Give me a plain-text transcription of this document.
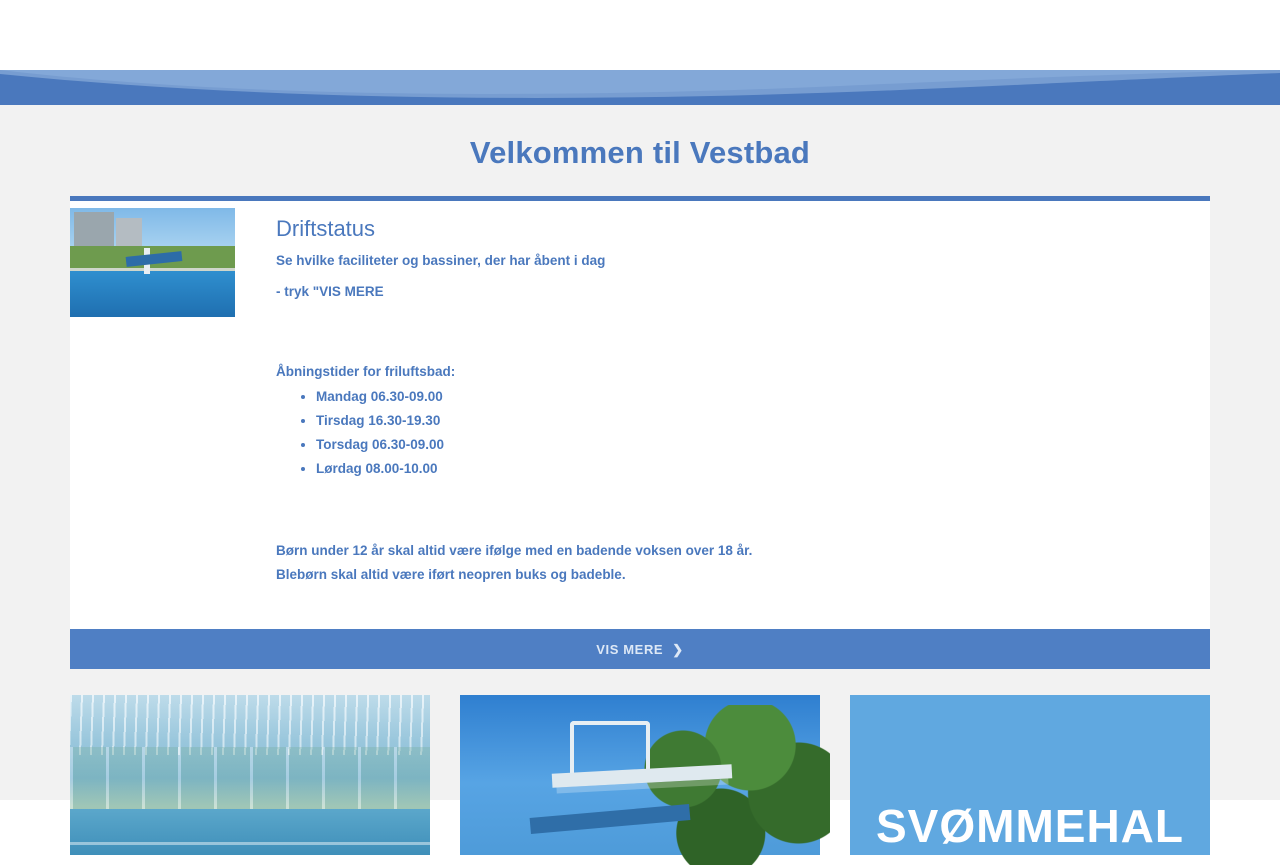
Velkommen til Vestbad
Driftstatus

Se hvilke faciliteter og bassiner, der har åbent i dag

- tryk "VIS MERE

Åbningstider for friluftsbad:

• Mandag 06.30-09.00
• Tirsdag 16.30-19.30
• Torsdag 06.30-09.00
• Lørdag 08.00-10.00

Børn under 12 år skal altid være ifølge med en badende voksen over 18 år.

Blebørn skal altid være iført neopren buks og badeble.

VIS MERE ❯
SVØMMEHAL
